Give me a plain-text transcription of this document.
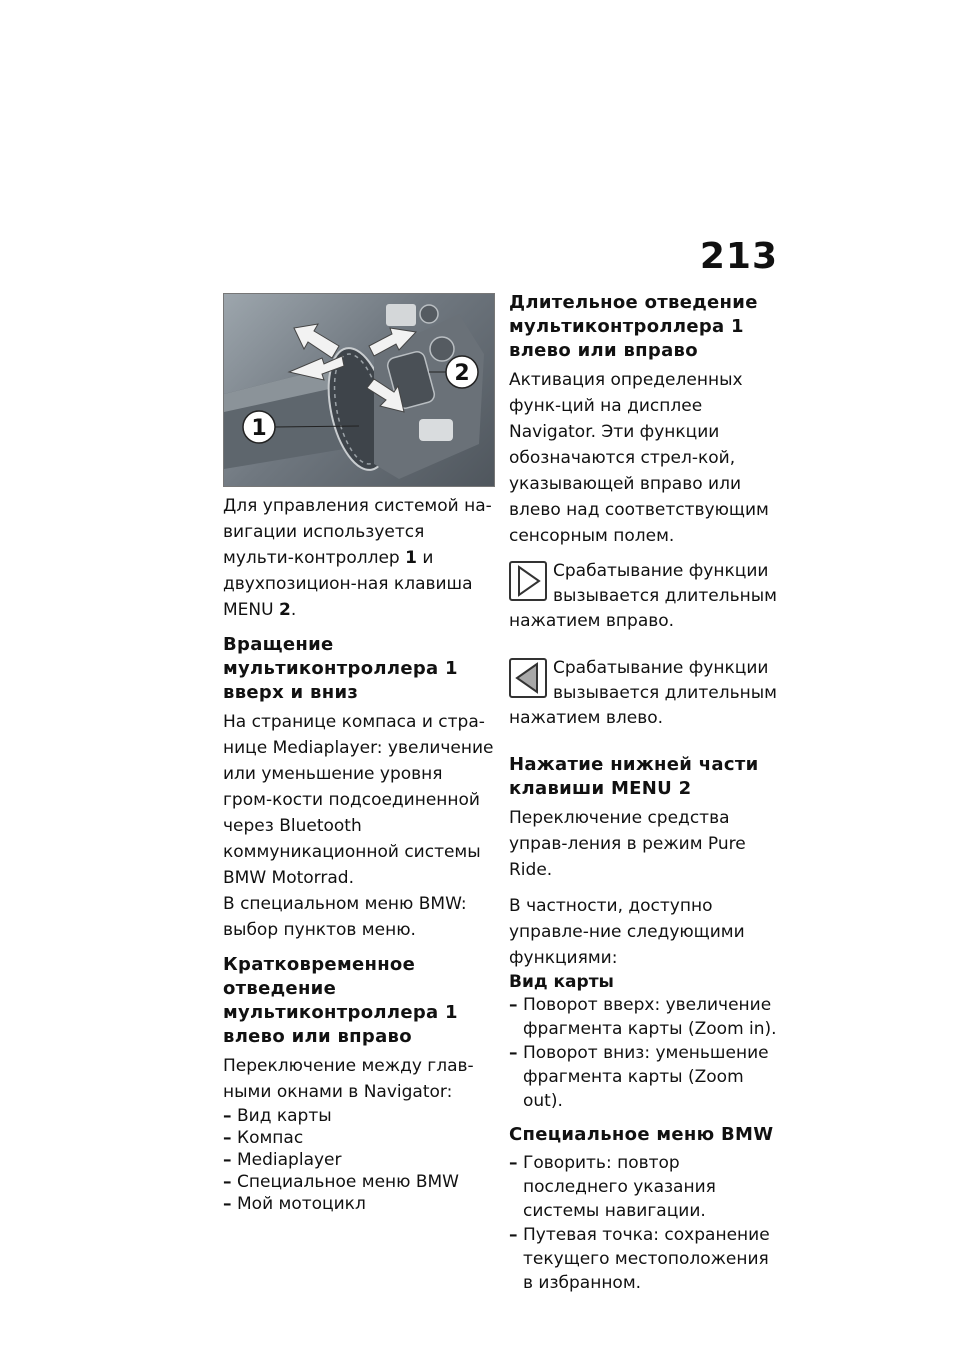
213
1
2

Для управления системой на-вигации используется мульти-контроллер 1 и двухпозицион-ная клавиша MENU 2.

Вращение мультиконтроллера 1 вверх и вниз

На странице компаса и стра-нице Mediaplayer: увеличение или уменьшение уровня гром-кости подсоединенной через Bluetooth коммуникационной системы BMW Motorrad.

В специальном меню BMW: выбор пунктов меню.

Кратковременное отведение мультиконтроллера 1 влево или вправо

Переключение между глав-ными окнами в Navigator:

– Вид карты
– Компас
– Mediaplayer
– Специальное меню BMW
– Мой мотоцикл
Длительное отведение мультиконтроллера 1 влево или вправо

Активация определенных функ-ций на дисплее Navigator. Эти функции обозначаются стрел-кой, указывающей вправо или влево над соответствующим сенсорным полем.

Срабатывание функции вызывается длительным нажатием вправо.

Срабатывание функции вызывается длительным нажатием влево.

Нажатие нижней части клавиши MENU 2

Переключение средства управ-ления в режим Pure Ride.

В частности, доступно управле-ние следующими функциями:

Вид карты

– Поворот вверх: увеличение фрагмента карты (Zoom in).
– Поворот вниз: уменьшение фрагмента карты (Zoom out).
Специальное меню BMW
– Говорить: повтор последнего указания системы навигации.
– Путевая точка: сохранение текущего местоположения в избранном.
